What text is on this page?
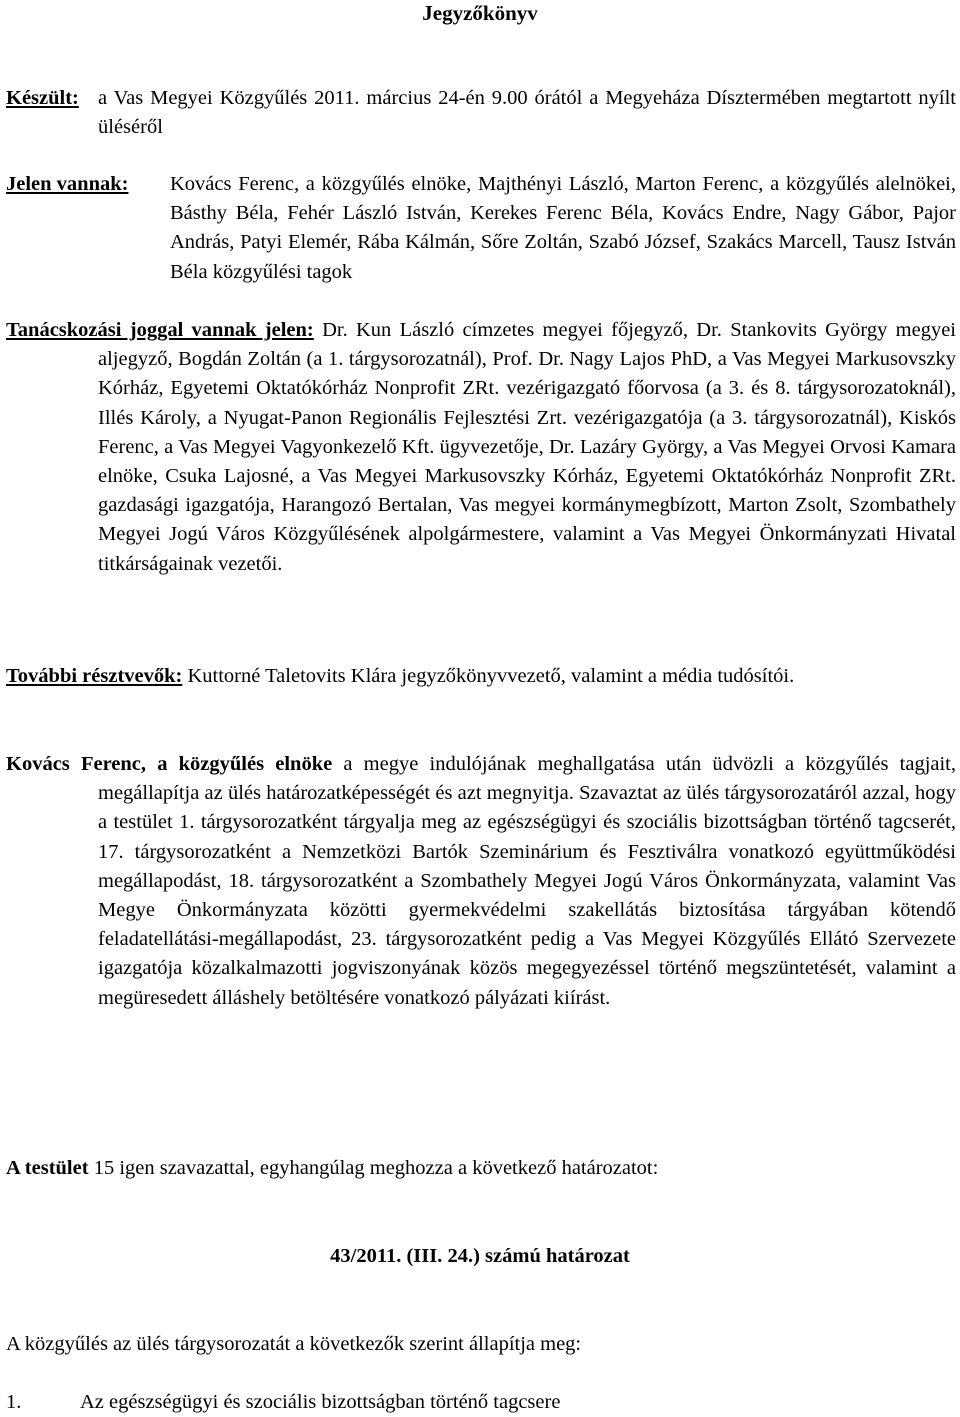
Jegyzőkönyv
Készült: a Vas Megyei Közgyűlés 2011. március 24-én 9.00 órától a Megyeháza Dísztermében megtartott nyílt üléséről
Jelen vannak:	Kovács Ferenc, a közgyűlés elnöke, Majthényi László, Marton Ferenc, a közgyűlés alelnökei, Básthy Béla, Fehér László István, Kerekes Ferenc Béla, Kovács Endre, Nagy Gábor, Pajor András, Patyi Elemér, Rába Kálmán, Sőre Zoltán, Szabó József, Szakács Marcell, Tausz István Béla közgyűlési tagok
Tanácskozási joggal vannak jelen: Dr. Kun László címzetes megyei főjegyző, Dr. Stankovits György megyei aljegyző, Bogdán Zoltán (a 1. tárgysorozatnál), Prof. Dr. Nagy Lajos PhD, a Vas Megyei Markusovszky Kórház, Egyetemi Oktatókórház Nonprofit ZRt. vezérigazgató főorvosa (a 3. és 8. tárgysorozatoknál), Illés Károly, a Nyugat-Panon Regionális Fejlesztési Zrt. vezérigazgatója (a 3. tárgysorozatnál), Kiskós Ferenc, a Vas Megyei Vagyonkezelő Kft. ügyvezetője, Dr. Lazáry György, a Vas Megyei Orvosi Kamara elnöke, Csuka Lajosné, a Vas Megyei Markusovszky Kórház, Egyetemi Oktatókórház Nonprofit ZRt. gazdasági igazgatója, Harangozó Bertalan, Vas megyei kormánymegbízott, Marton Zsolt, Szombathely Megyei Jogú Város Közgyűlésének alpolgármestere, valamint a Vas Megyei Önkormányzati Hivatal titkárságainak vezetői.
További résztvevők: Kuttorné Taletovits Klára jegyzőkönyvvezető, valamint a média tudósítói.
Kovács Ferenc, a közgyűlés elnöke a megye indulójának meghallgatása után üdvözli a közgyűlés tagjait, megállapítja az ülés határozatképességét és azt megnyitja. Szavaztat az ülés tárgysorozatáról azzal, hogy a testület 1. tárgysorozatként tárgyalja meg az egészségügyi és szociális bizottságban történő tagcserét, 17. tárgysorozatként a Nemzetközi Bartók Szeminárium és Fesztiválra vonatkozó együttműködési megállapodást, 18. tárgysorozatként a Szombathely Megyei Jogú Város Önkormányzata, valamint Vas Megye Önkormányzata közötti gyermekvédelmi szakellátás biztosítása tárgyában kötendő feladatellátási-megállapodást, 23. tárgysorozatként pedig a Vas Megyei Közgyűlés Ellátó Szervezete igazgatója közalkalmazotti jogviszonyának közös megegyezéssel történő megszüntetését, valamint a megüresedett álláshely betöltésére vonatkozó pályázati kiírást.
A testület 15 igen szavazattal, egyhangúlag meghozza a következő határozatot:
43/2011. (III. 24.) számú határozat
A közgyűlés az ülés tárgysorozatát a következők szerint állapítja meg:
1.	Az egészségügyi és szociális bizottságban történő tagcsere
